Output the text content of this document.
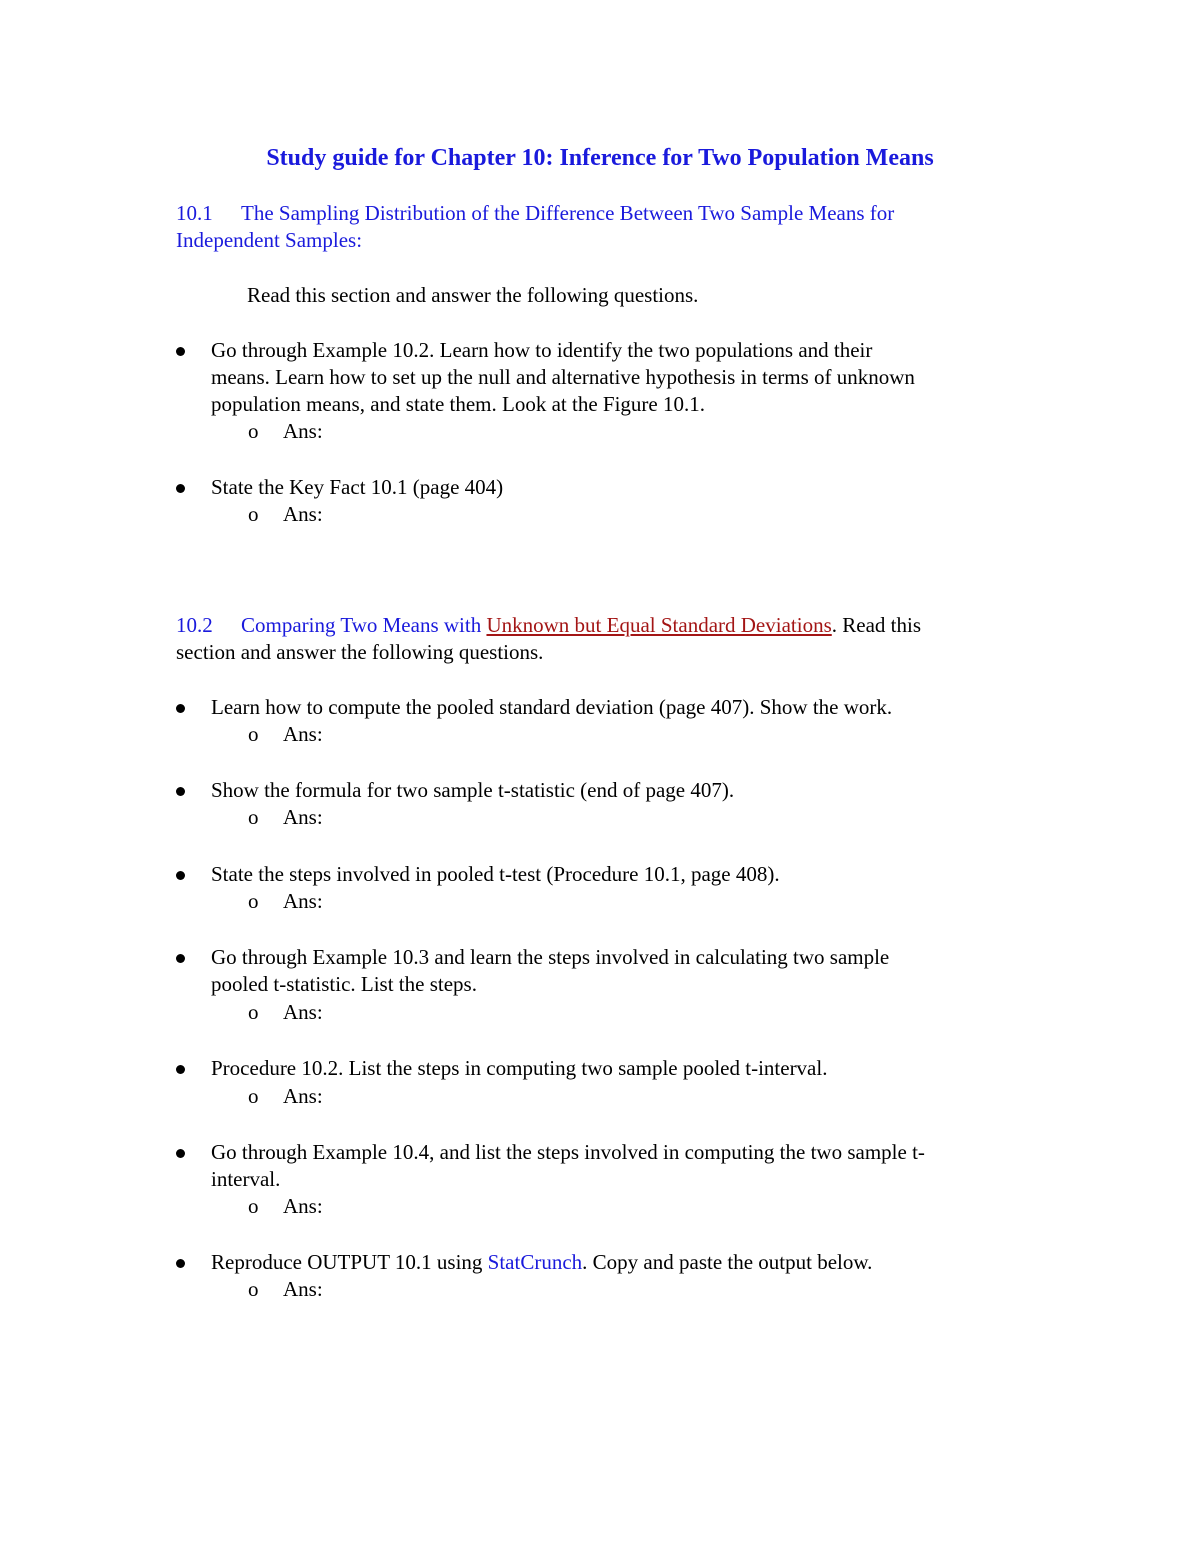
Study guide for Chapter 10: Inference for Two Population Means
10.1 The Sampling Distribution of the Difference Between Two Sample Means for
Independent Samples:
Read this section and answer the following questions.
Go through Example 10.2. Learn how to identify the two populations and their
means. Learn how to set up the null and alternative hypothesis in terms of unknown
population means, and state them. Look at the Figure 10.1.
o Ans:
State the Key Fact 10.1 (page 404)
o Ans:
10.2 Comparing Two Means with Unknown but Equal Standard Deviations. Read this
section and answer the following questions.
Learn how to compute the pooled standard deviation (page 407). Show the work.
o Ans:
Show the formula for two sample t-statistic (end of page 407).
o Ans:
State the steps involved in pooled t-test (Procedure 10.1, page 408).
o Ans:
Go through Example 10.3 and learn the steps involved in calculating two sample
pooled t-statistic. List the steps.
o Ans:
Procedure 10.2. List the steps in computing two sample pooled t-interval.
o Ans:
Go through Example 10.4, and list the steps involved in computing the two sample t-
interval.
o Ans:
Reproduce OUTPUT 10.1 using StatCrunch. Copy and paste the output below.
o Ans:
